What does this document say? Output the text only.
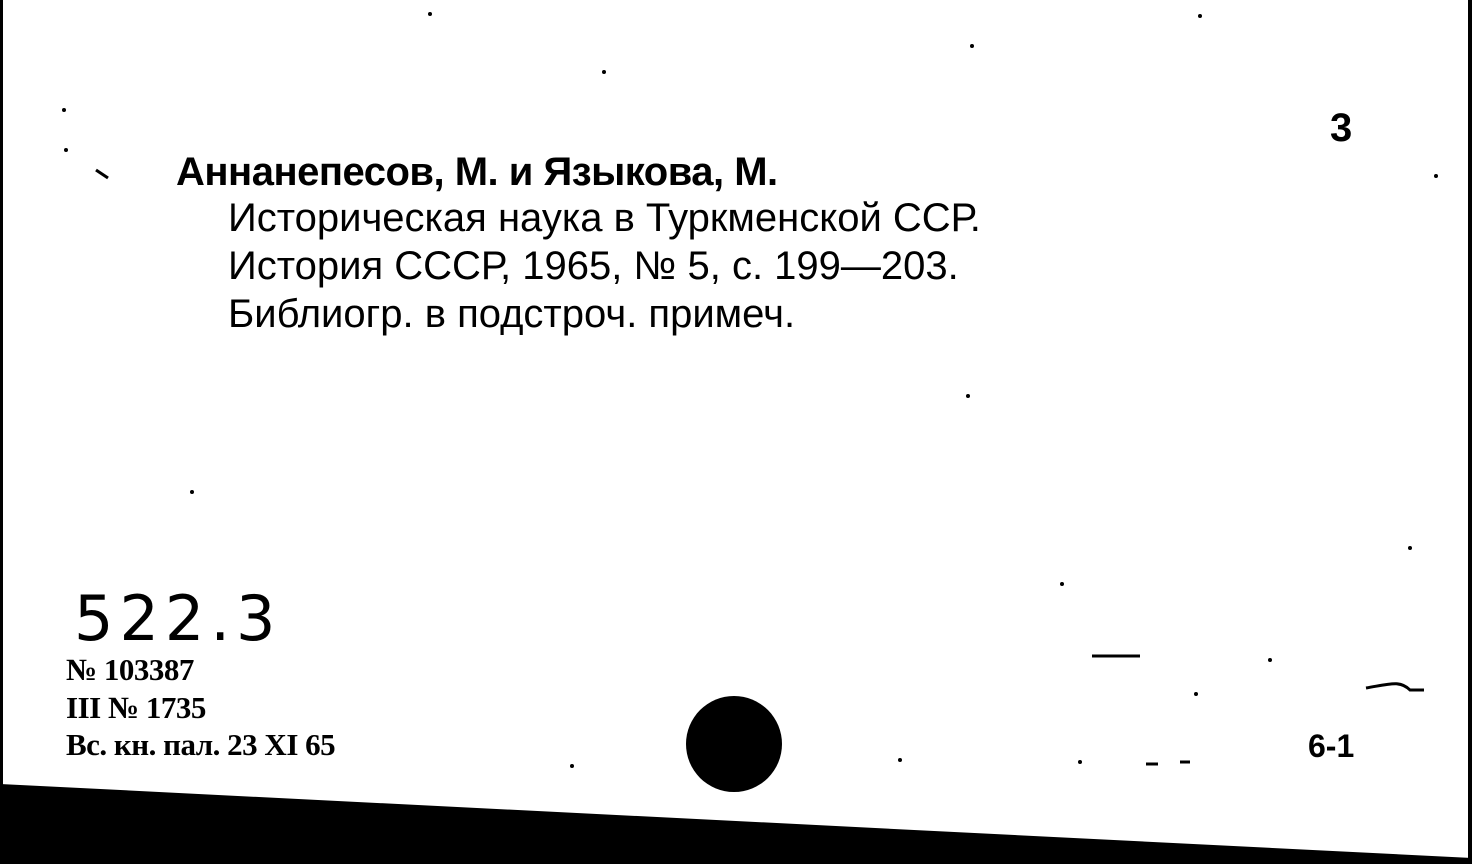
3
Аннанепесов, М. и Языкова, М.
Историческая наука в Туркменской ССР.
История СССР, 1965, № 5, с. 199—203.
Библиогр. в подстроч. примеч.
522.3
№ 103387
III № 1735
Вс. кн. пал. 23 XI 65	6-1
